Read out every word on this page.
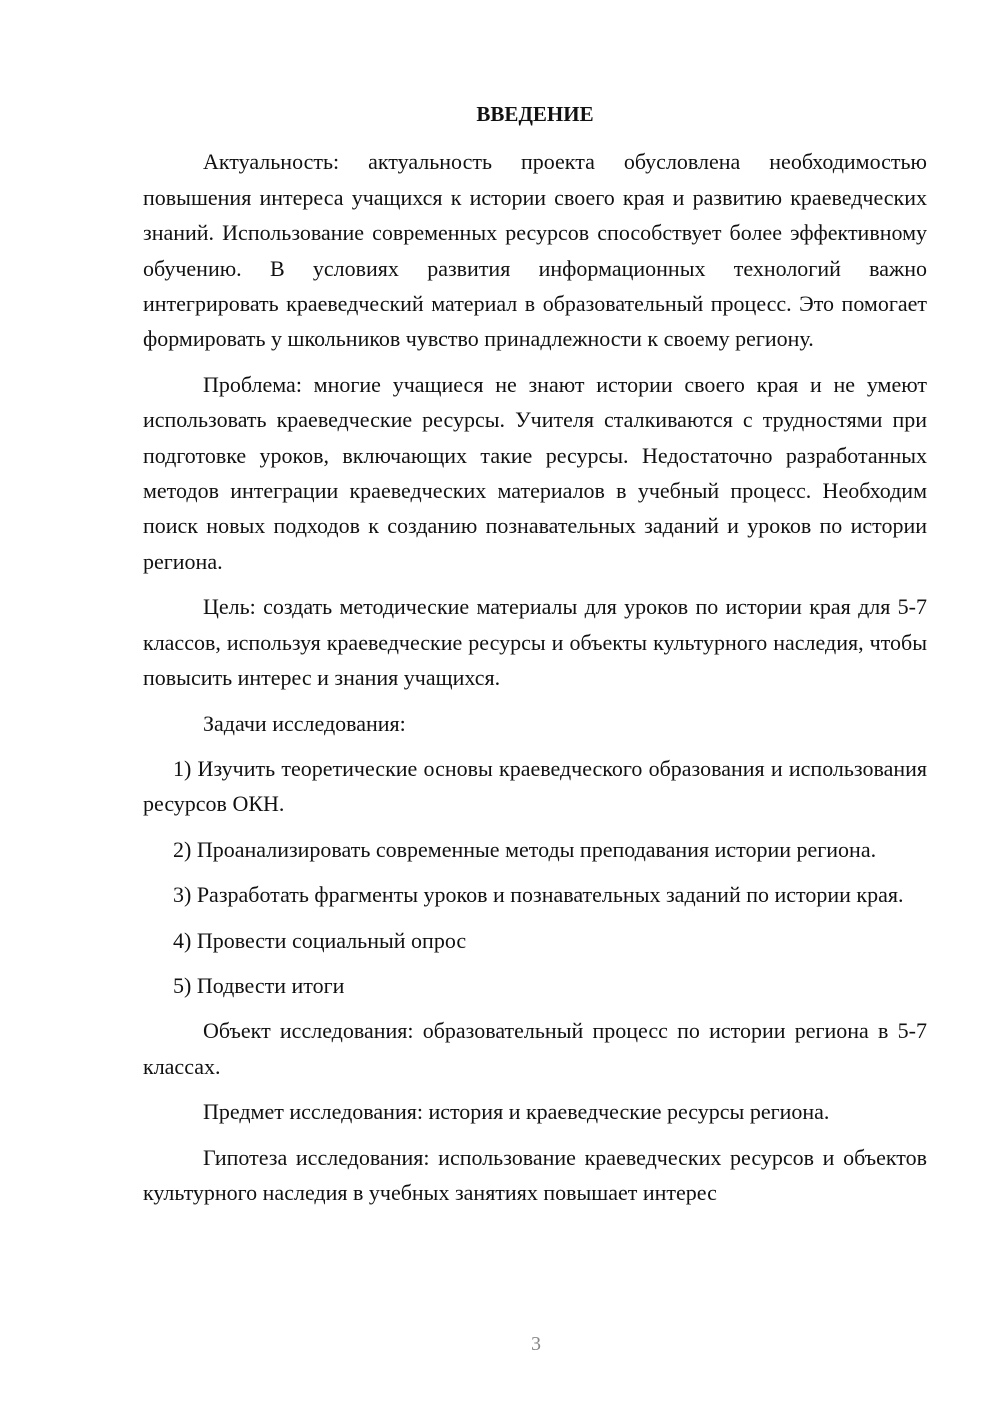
ВВЕДЕНИЕ

Актуальность: актуальность проекта обусловлена необходимостью повышения интереса учащихся к истории своего края и развитию краеведческих знаний. Использование современных ресурсов способствует более эффективному обучению. В условиях развития информационных технологий важно интегрировать краеведческий материал в образовательный процесс. Это помогает формировать у школьников чувство принадлежности к своему региону.

Проблема: многие учащиеся не знают истории своего края и не умеют использовать краеведческие ресурсы. Учителя сталкиваются с трудностями при подготовке уроков, включающих такие ресурсы. Недостаточно разработанных методов интеграции краеведческих материалов в учебный процесс. Необходим поиск новых подходов к созданию познавательных заданий и уроков по истории региона.

Цель: создать методические материалы для уроков по истории края для 5-7 классов, используя краеведческие ресурсы и объекты культурного наследия, чтобы повысить интерес и знания учащихся.

Задачи исследования:

1) Изучить теоретические основы краеведческого образования и использования ресурсов ОКН.

2) Проанализировать современные методы преподавания истории региона.

3) Разработать фрагменты уроков и познавательных заданий по истории края.

4) Провести социальный опрос

5) Подвести итоги

Объект исследования: образовательный процесс по истории региона в 5-7 классах.

Предмет исследования: история и краеведческие ресурсы региона.

Гипотеза исследования: использование краеведческих ресурсов и объектов культурного наследия в учебных занятиях повышает интерес

3
